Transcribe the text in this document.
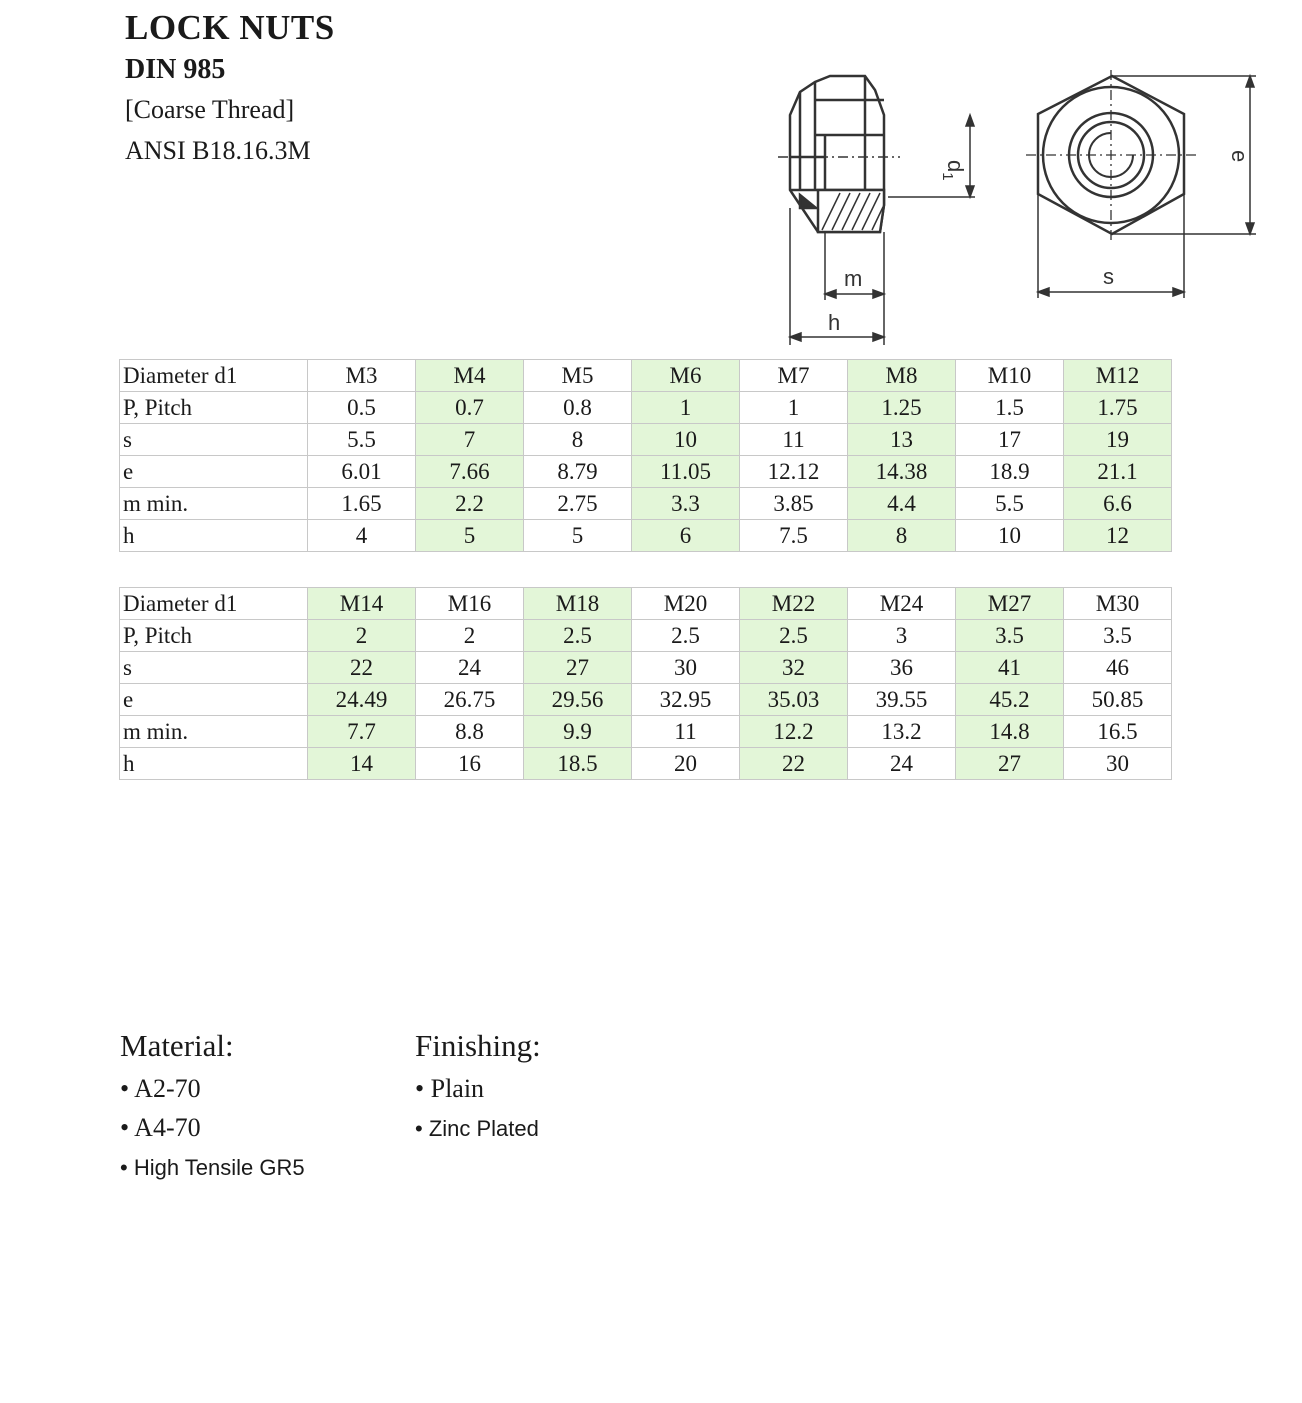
LOCK NUTS
DIN 985
[Coarse Thread]
ANSI B18.16.3M
$d_1$
m
h
s
e
Diameter d1	M3	M4	M5	M6	M7	M8	M10	M12
P, Pitch	0.5	0.7	0.8	1	1	1.25	1.5	1.75
s	5.5	7	8	10	11	13	17	19
e	6.01	7.66	8.79	11.05	12.12	14.38	18.9	21.1
m min.	1.65	2.2	2.75	3.3	3.85	4.4	5.5	6.6
h	4	5	5	6	7.5	8	10	12
Diameter d1	M14	M16	M18	M20	M22	M24	M27	M30
P, Pitch	2	2	2.5	2.5	2.5	3	3.5	3.5
s	22	24	27	30	32	36	41	46
e	24.49	26.75	29.56	32.95	35.03	39.55	45.2	50.85
m min.	7.7	8.8	9.9	11	12.2	13.2	14.8	16.5
h	14	16	18.5	20	22	24	27	30
Material:
• A2-70
• A4-70
• High Tensile GR5
Finishing:
• Plain
• Zinc Plated
